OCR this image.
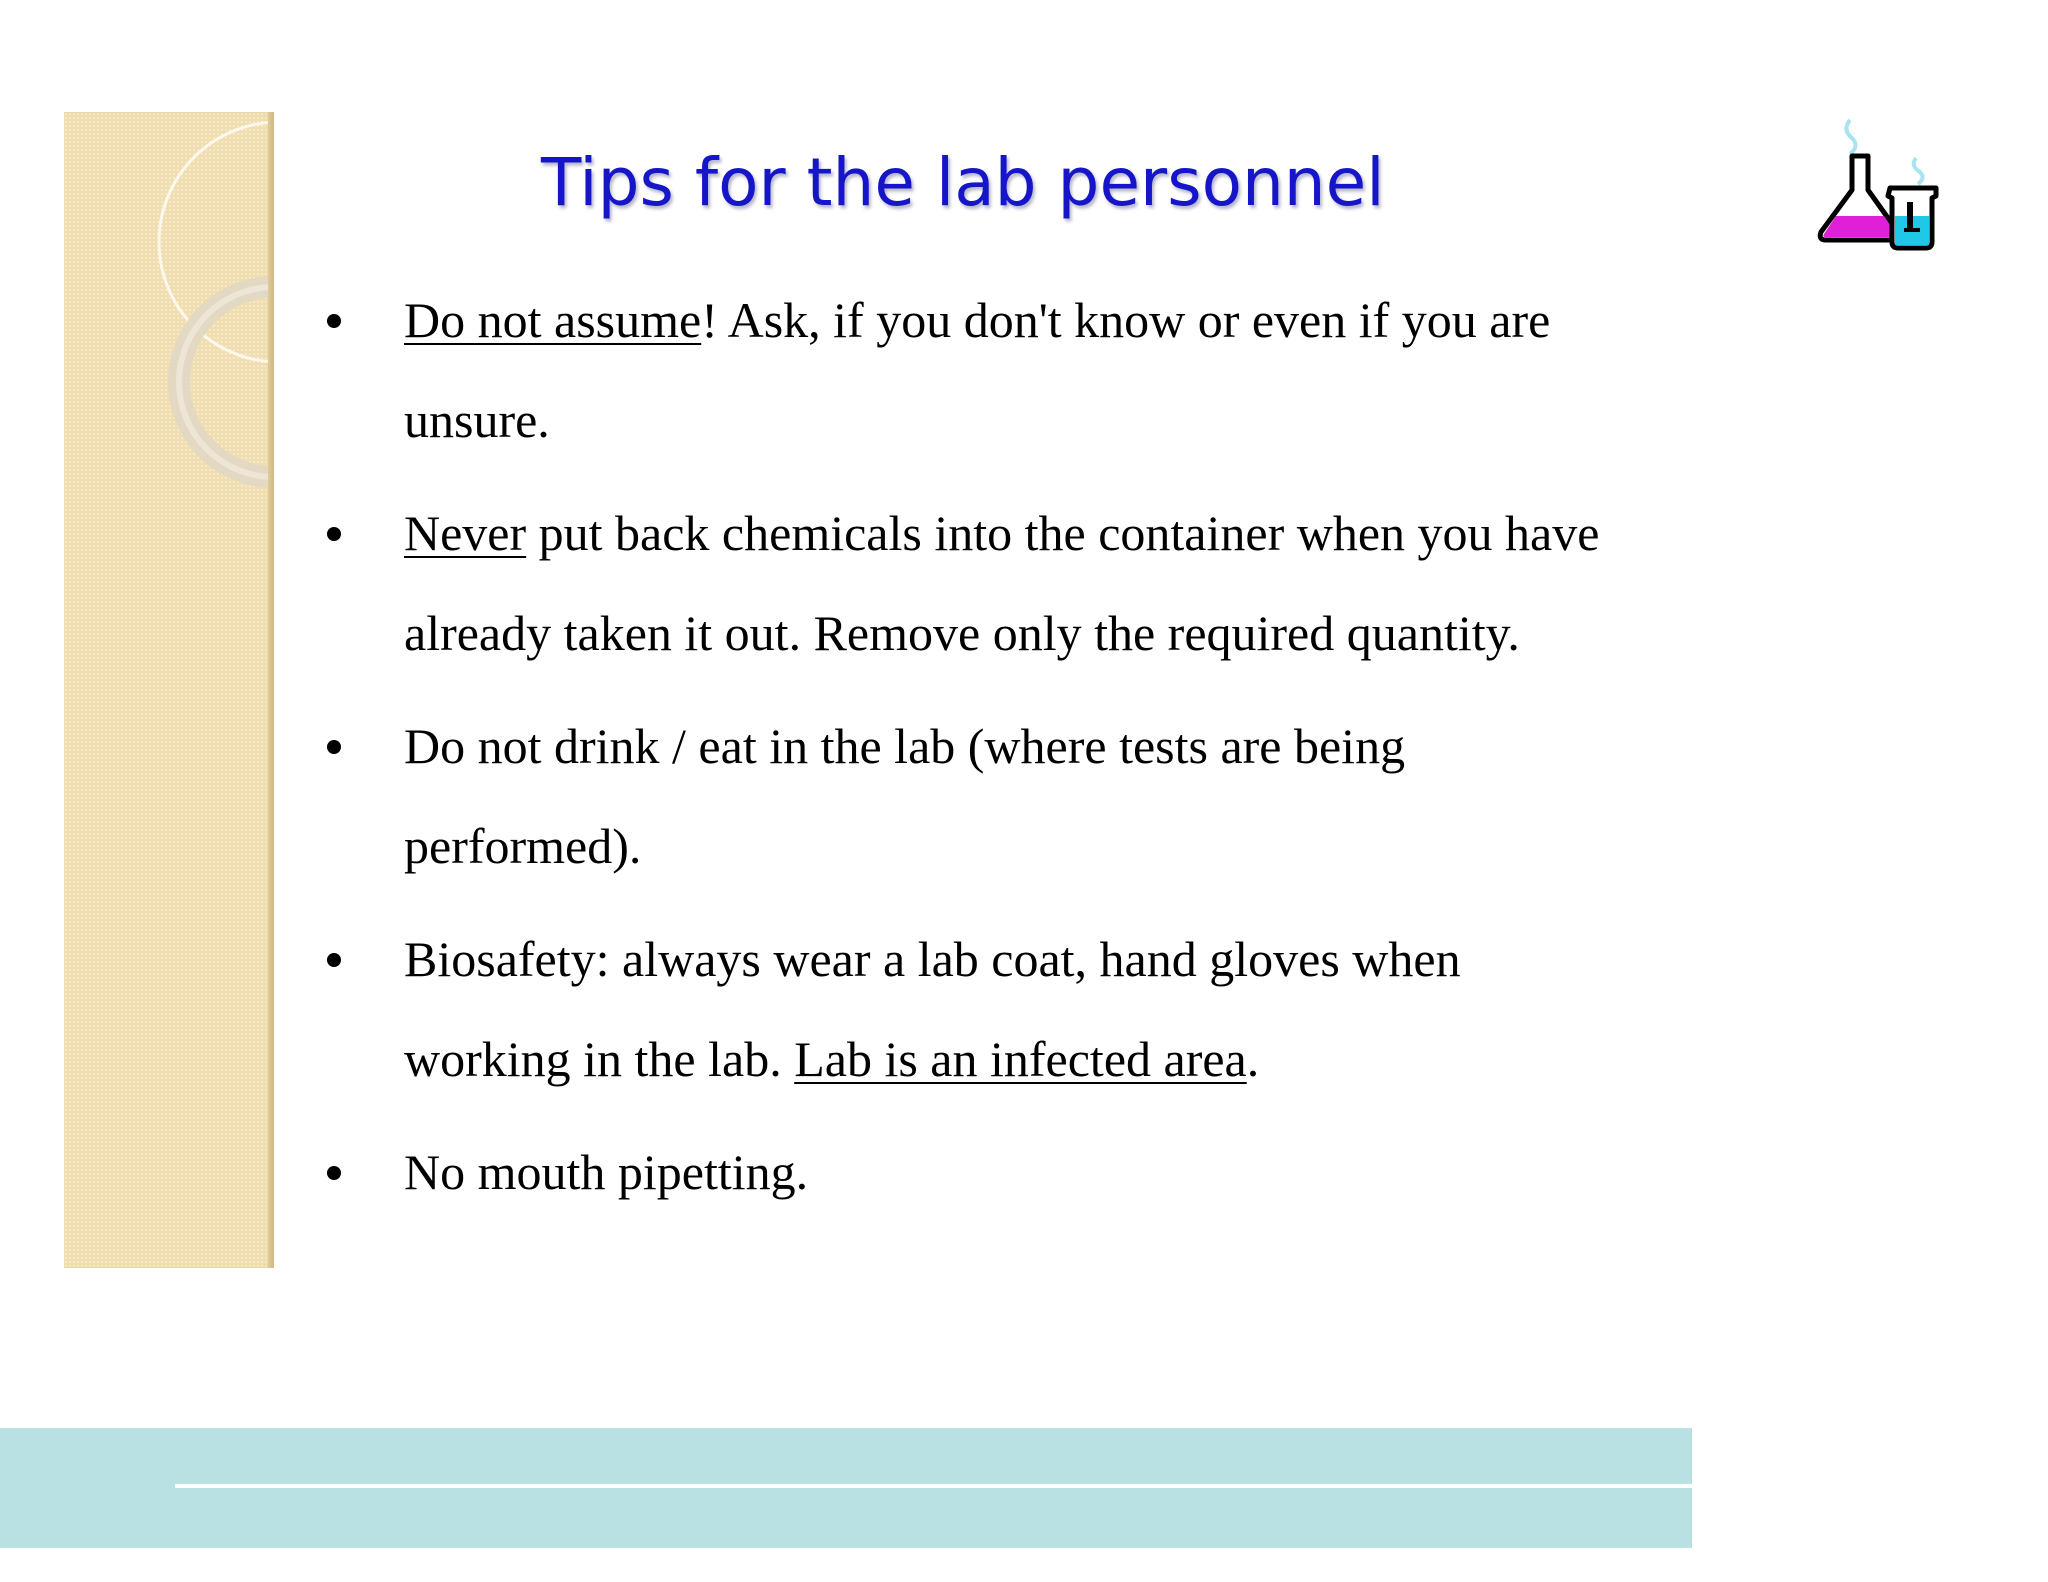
Tips for the lab personnel
Do not assume! Ask, if you don't know or even if you are
unsure.
Never put back chemicals into the container when you have
already taken it out. Remove only the required quantity.
Do not drink / eat in the lab (where tests are being
performed).
Biosafety: always wear a lab coat, hand gloves when
working in the lab. Lab is an infected area.
No mouth pipetting.
